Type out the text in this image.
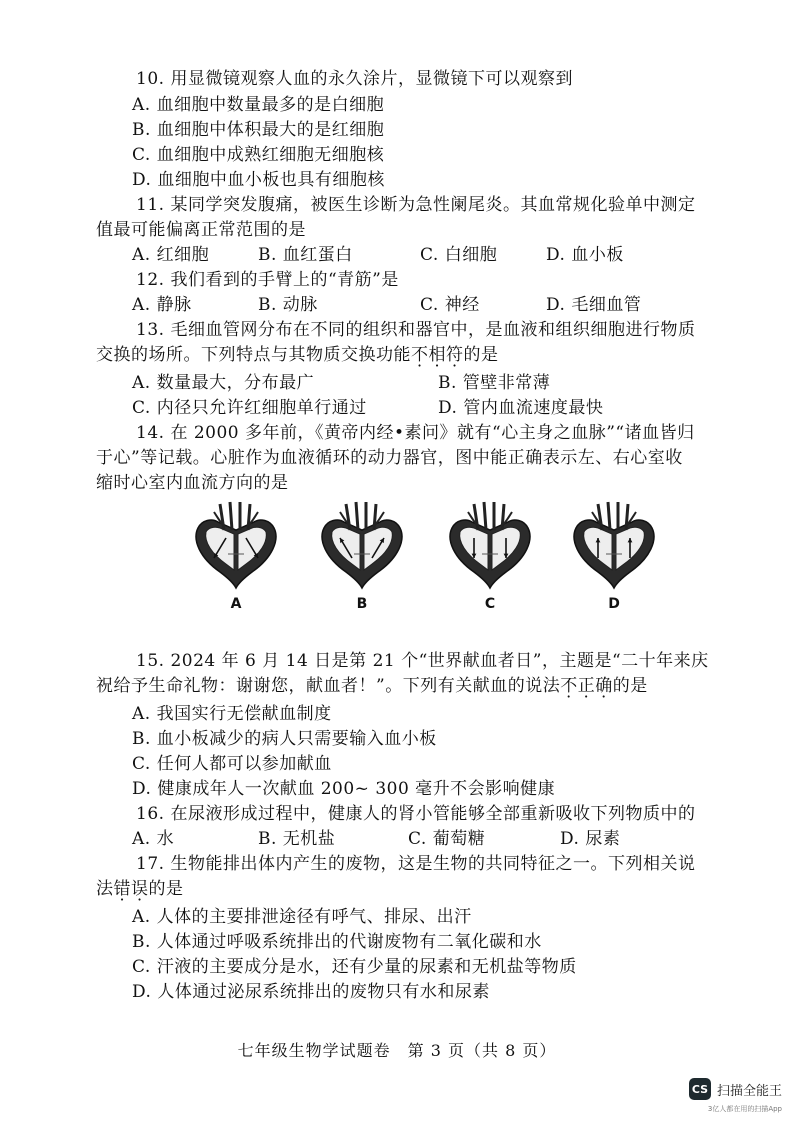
10. 用显微镜观察人血的永久涂片，显微镜下可以观察到
A. 血细胞中数量最多的是白细胞
B. 血细胞中体积最大的是红细胞
C. 血细胞中成熟红细胞无细胞核
D. 血细胞中血小板也具有细胞核
11. 某同学突发腹痛，被医生诊断为急性阑尾炎。其血常规化验单中测定
值最可能偏离正常范围的是
A. 红细胞	B. 血红蛋白	C. 白细胞	D. 血小板
12. 我们看到的手臂上的“青筋”是
A. 静脉	B. 动脉	C. 神经	D. 毛细血管
13. 毛细血管网分布在不同的组织和器官中，是血液和组织细胞进行物质
交换的场所。下列特点与其物质交换功能不相符的是
A. 数量最大，分布最广	B. 管壁非常薄
C. 内径只允许红细胞单行通过	D. 管内血流速度最快
14. 在 2000 多年前，《黄帝内经•素问》就有“心主身之血脉”“诸血皆归
于心”等记载。心脏作为血液循环的动力器官，图中能正确表示左、右心室收
缩时心室内血流方向的是
A	B	C	D
15. 2024 年 6 月 14 日是第 21 个“世界献血者日”，主题是“二十年来庆
祝给予生命礼物：谢谢您，献血者！”。下列有关献血的说法不正确的是
A. 我国实行无偿献血制度
B. 血小板减少的病人只需要输入血小板
C. 任何人都可以参加献血
D. 健康成年人一次献血 200~ 300 毫升不会影响健康
16. 在尿液形成过程中，健康人的肾小管能够全部重新吸收下列物质中的
A. 水	B. 无机盐	C. 葡萄糖	D. 尿素
17. 生物能排出体内产生的废物，这是生物的共同特征之一。下列相关说
法错误的是
A. 人体的主要排泄途径有呼气、排尿、出汗
B. 人体通过呼吸系统排出的代谢废物有二氧化碳和水
C. 汗液的主要成分是水，还有少量的尿素和无机盐等物质
D. 人体通过泌尿系统排出的废物只有水和尿素
七年级生物学试题卷　第 3 页（共 8 页）
CS 扫描全能王
3亿人都在用的扫描App
